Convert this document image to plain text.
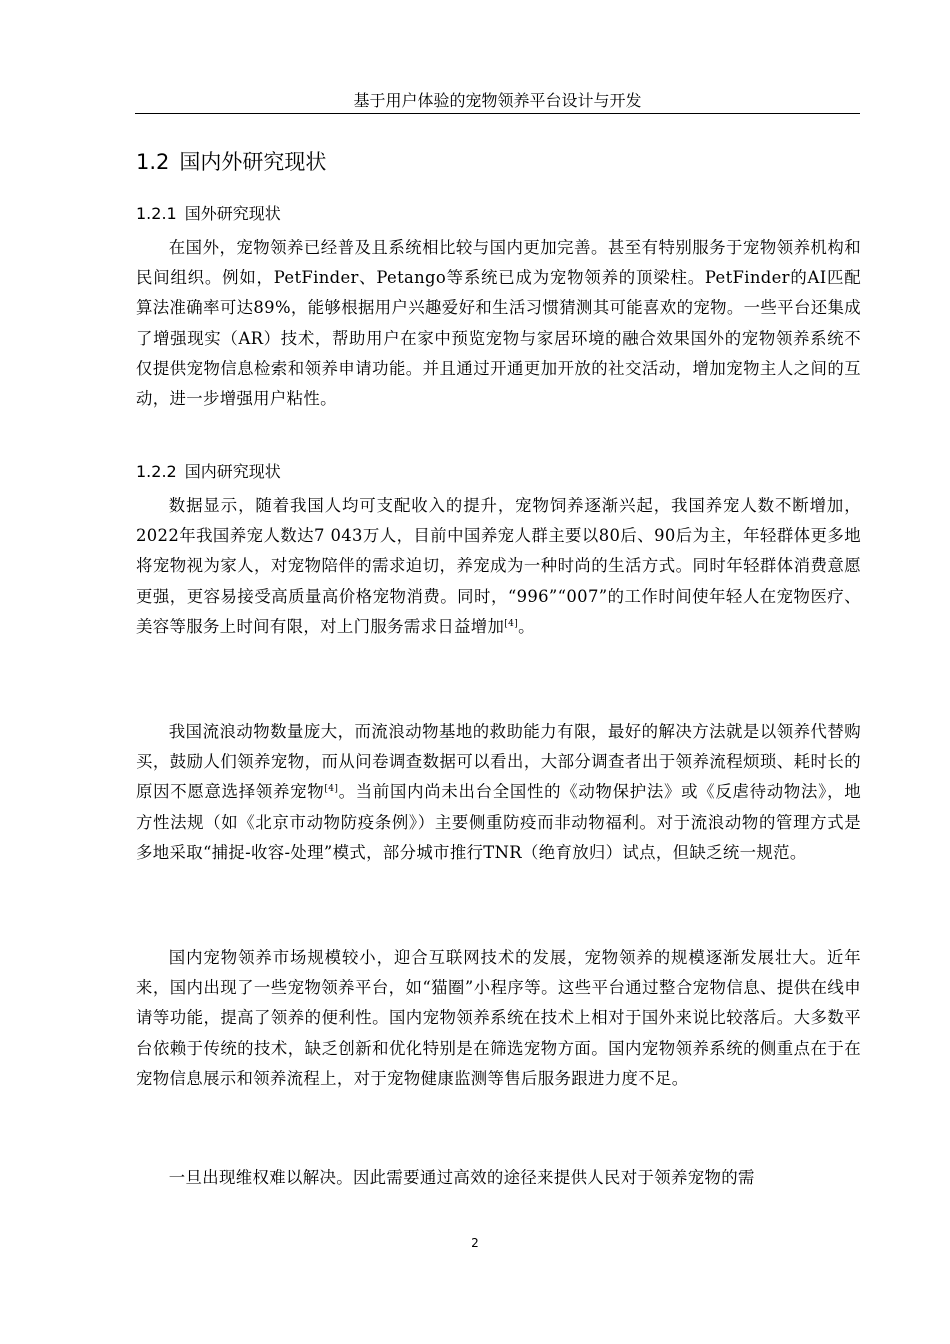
基于用户体验的宠物领养平台设计与开发
1.2 国内外研究现状
1.2.1 国外研究现状

在国外，宠物领养已经普及且系统相比较与国内更加完善。甚至有特别服务于宠物领养机构和民间组织。例如，PetFinder、Petango等系统已成为宠物领养的顶梁柱。PetFinder的AI匹配算法准确率可达89%，能够根据用户兴趣爱好和生活习惯猜测其可能喜欢的宠物。一些平台还集成了增强现实（AR）技术，帮助用户在家中预览宠物与家居环境的融合效果国外的宠物领养系统不仅提供宠物信息检索和领养申请功能。并且通过开通更加开放的社交活动，增加宠物主人之间的互动，进一步增强用户粘性。

1.2.2 国内研究现状

数据显示，随着我国人均可支配收入的提升，宠物饲养逐渐兴起，我国养宠人数不断增加，2022年我国养宠人数达7 043万人，目前中国养宠人群主要以80后、90后为主，年轻群体更多地将宠物视为家人，对宠物陪伴的需求迫切，养宠成为一种时尚的生活方式。同时年轻群体消费意愿更强，更容易接受高质量高价格宠物消费。同时，“996”“007”的工作时间使年轻人在宠物医疗、美容等服务上时间有限，对上门服务需求日益增加[4]。

我国流浪动物数量庞大，而流浪动物基地的救助能力有限，最好的解决方法就是以领养代替购买，鼓励人们领养宠物，而从问卷调查数据可以看出，大部分调查者出于领养流程烦琐、耗时长的原因不愿意选择领养宠物[4]。当前国内尚未出台全国性的《动物保护法》或《反虐待动物法》，地方性法规（如《北京市动物防疫条例》）主要侧重防疫而非动物福利。对于流浪动物的管理方式是多地采取“捕捉-收容-处理”模式，部分城市推行TNR（绝育放归）试点，但缺乏统一规范。

国内宠物领养市场规模较小，迎合互联网技术的发展，宠物领养的规模逐渐发展壮大。近年来，国内出现了一些宠物领养平台，如“猫圈”小程序等。这些平台通过整合宠物信息、提供在线申请等功能，提高了领养的便利性。国内宠物领养系统在技术上相对于国外来说比较落后。大多数平台依赖于传统的技术，缺乏创新和优化特别是在筛选宠物方面。国内宠物领养系统的侧重点在于在宠物信息展示和领养流程上，对于宠物健康监测等售后服务跟进力度不足。

一旦出现维权难以解决。因此需要通过高效的途径来提供人民对于领养宠物的需

2
